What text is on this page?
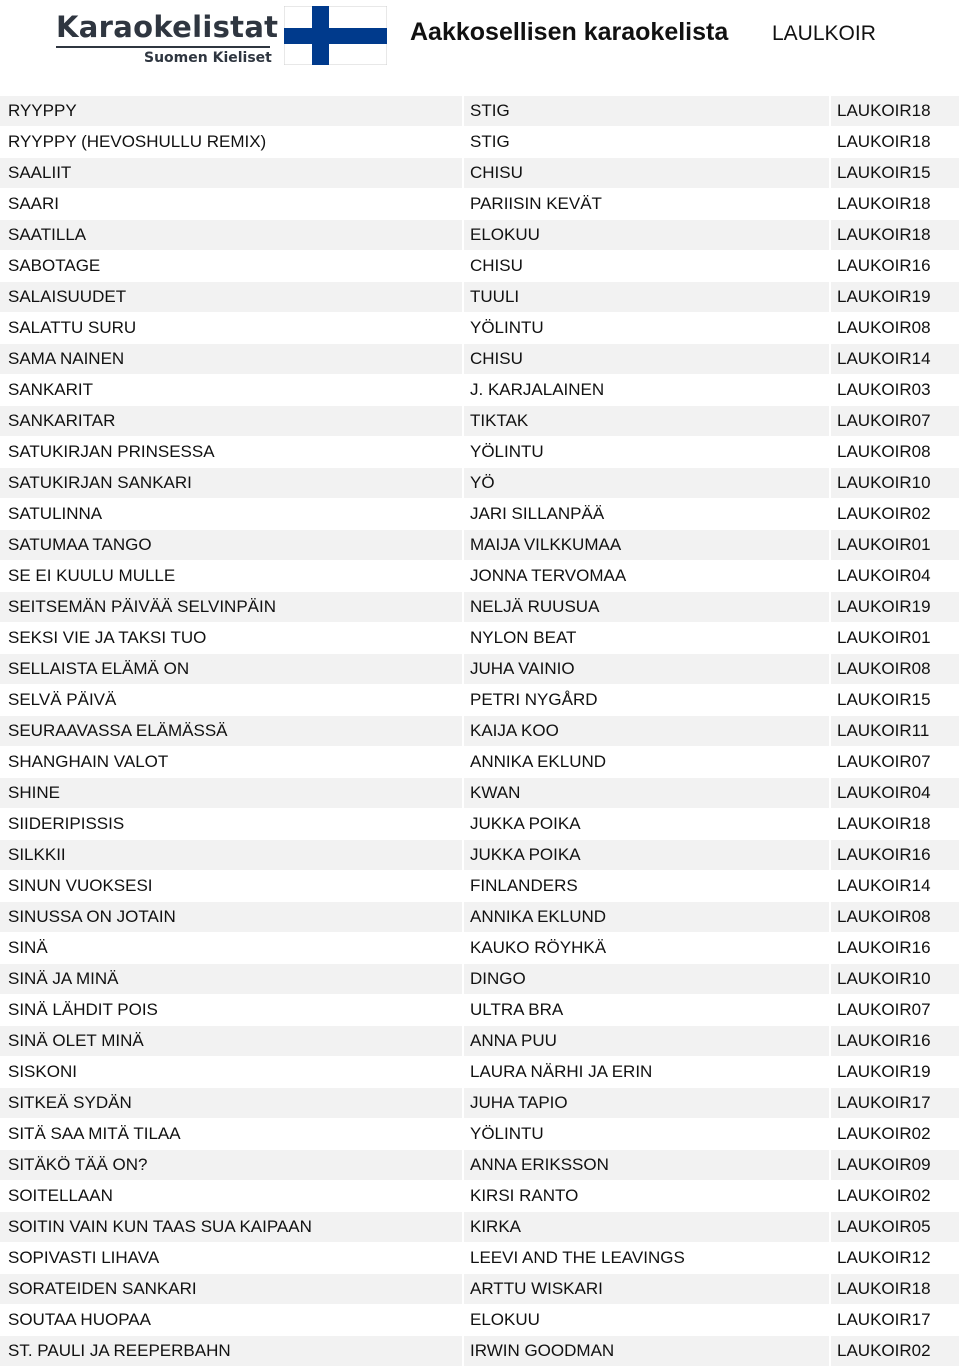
Karaokelistat
Suomen Kieliset
Aakkosellisen karaokelista LAULKOIR
RYYPPY	STIG	LAUKOIR18
RYYPPY (HEVOSHULLU REMIX)	STIG	LAUKOIR18
SAALIIT	CHISU	LAUKOIR15
SAARI	PARIISIN KEVÄT	LAUKOIR18
SAATILLA	ELOKUU	LAUKOIR18
SABOTAGE	CHISU	LAUKOIR16
SALAISUUDET	TUULI	LAUKOIR19
SALATTU SURU	YÖLINTU	LAUKOIR08
SAMA NAINEN	CHISU	LAUKOIR14
SANKARIT	J. KARJALAINEN	LAUKOIR03
SANKARITAR	TIKTAK	LAUKOIR07
SATUKIRJAN PRINSESSA	YÖLINTU	LAUKOIR08
SATUKIRJAN SANKARI	YÖ	LAUKOIR10
SATULINNA	JARI SILLANPÄÄ	LAUKOIR02
SATUMAA TANGO	MAIJA VILKKUMAA	LAUKOIR01
SE EI KUULU MULLE	JONNA TERVOMAA	LAUKOIR04
SEITSEMÄN PÄIVÄÄ SELVINPÄIN	NELJÄ RUUSUA	LAUKOIR19
SEKSI VIE JA TAKSI TUO	NYLON BEAT	LAUKOIR01
SELLAISTA ELÄMÄ ON	JUHA VAINIO	LAUKOIR08
SELVÄ PÄIVÄ	PETRI NYGÅRD	LAUKOIR15
SEURAAVASSA ELÄMÄSSÄ	KAIJA KOO	LAUKOIR11
SHANGHAIN VALOT	ANNIKA EKLUND	LAUKOIR07
SHINE	KWAN	LAUKOIR04
SIIDERIPISSIS	JUKKA POIKA	LAUKOIR18
SILKKII	JUKKA POIKA	LAUKOIR16
SINUN VUOKSESI	FINLANDERS	LAUKOIR14
SINUSSA ON JOTAIN	ANNIKA EKLUND	LAUKOIR08
SINÄ	KAUKO RÖYHKÄ	LAUKOIR16
SINÄ JA MINÄ	DINGO	LAUKOIR10
SINÄ LÄHDIT POIS	ULTRA BRA	LAUKOIR07
SINÄ OLET MINÄ	ANNA PUU	LAUKOIR16
SISKONI	LAURA NÄRHI JA ERIN	LAUKOIR19
SITKEÄ SYDÄN	JUHA TAPIO	LAUKOIR17
SITÄ SAA MITÄ TILAA	YÖLINTU	LAUKOIR02
SITÄKÖ TÄÄ ON?	ANNA ERIKSSON	LAUKOIR09
SOITELLAAN	KIRSI RANTO	LAUKOIR02
SOITIN VAIN KUN TAAS SUA KAIPAAN	KIRKA	LAUKOIR05
SOPIVASTI LIHAVA	LEEVI AND THE LEAVINGS	LAUKOIR12
SORATEIDEN SANKARI	ARTTU WISKARI	LAUKOIR18
SOUTAA HUOPAA	ELOKUU	LAUKOIR17
ST. PAULI JA REEPERBAHN	IRWIN GOODMAN	LAUKOIR02
